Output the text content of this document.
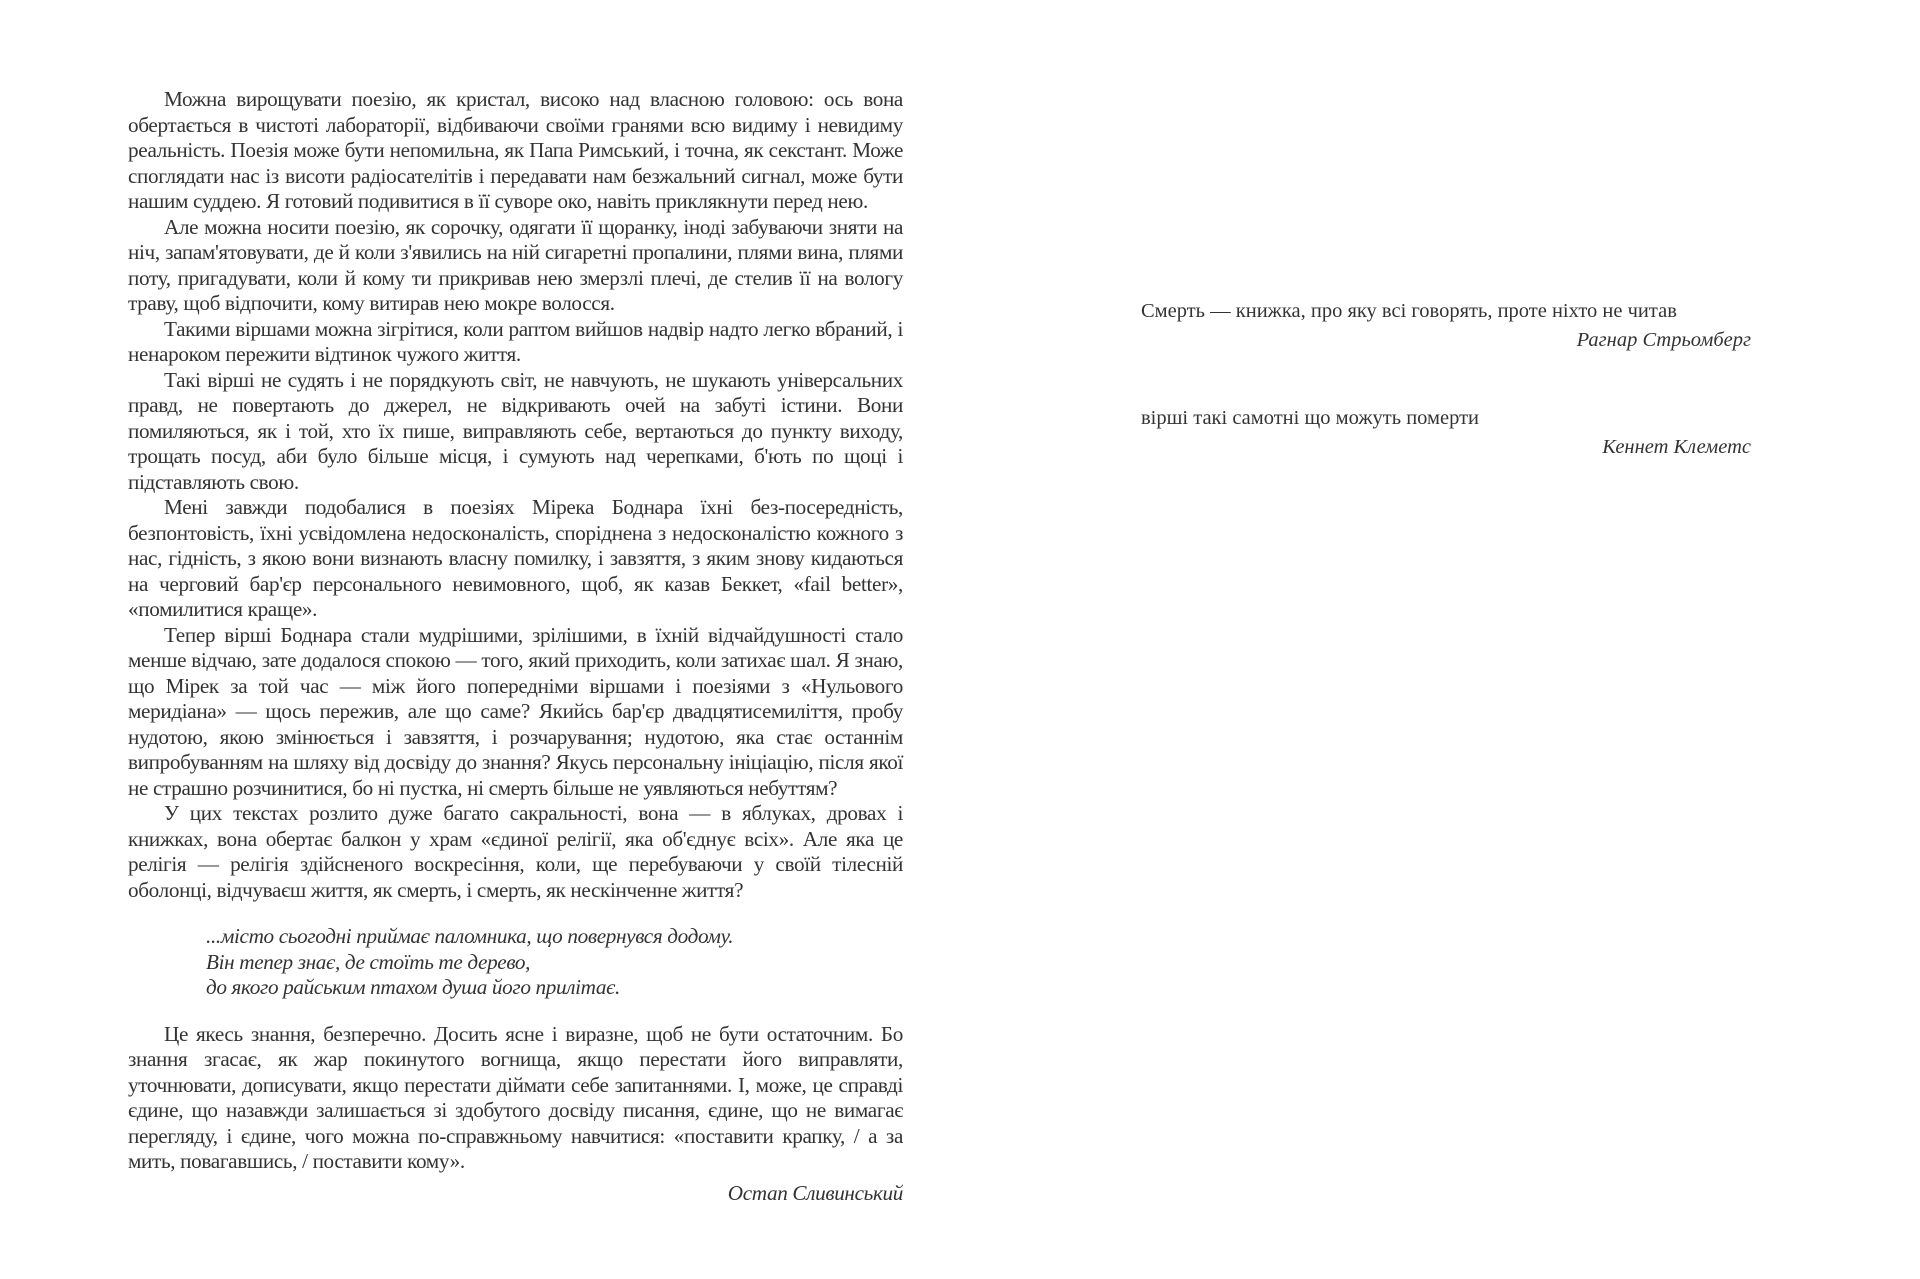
Можна вирощувати поезію, як кристал, високо над власною головою: ось вона обертається в чистоті лабораторії, відбиваючи своїми гранями всю видиму і невидиму реальність. Поезія може бути непомильна, як Папа Римський, і точна, як секстант. Може споглядати нас із висоти радіосателітів і передавати нам безжальний сигнал, може бути нашим суддею. Я готовий подивитися в її суворе око, навіть приклякнути перед нею.

Але можна носити поезію, як сорочку, одягати її щоранку, іноді забуваючи зняти на ніч, запам'ятовувати, де й коли з'явились на ній сигаретні пропалини, плями вина, плями поту, пригадувати, коли й кому ти прикривав нею змерзлі плечі, де стелив її на вологу траву, щоб відпочити, кому витирав нею мокре волосся.

Такими віршами можна зігрітися, коли раптом вийшов надвір надто легко вбраний, і ненароком пережити відтинок чужого життя.

Такі вірші не судять і не порядкують світ, не навчують, не шукають універсальних правд, не повертають до джерел, не відкривають очей на забуті істини. Вони помиляються, як і той, хто їх пише, виправляють себе, вертаються до пункту виходу, трощать посуд, аби було більше місця, і сумують над черепками, б'ють по щоці і підставляють свою.

Мені завжди подобалися в поезіях Мірека Боднара їхні без-посередність, безпонтовість, їхні усвідомлена недосконалість, споріднена з недосконалістю кожного з нас, гідність, з якою вони визнають власну помилку, і завзяття, з яким знову кидаються на черговий бар'єр персонального невимовного, щоб, як казав Беккет, «fail better», «помилитися краще».

Тепер вірші Боднара стали мудрішими, зрілішими, в їхній відчайдушності стало менше відчаю, зате додалося спокою — того, який приходить, коли затихає шал. Я знаю, що Мірек за той час — між його попередніми віршами і поезіями з «Нульового меридіана» — щось пережив, але що саме? Якийсь бар'єр двадцятисемиліття, пробу нудотою, якою змінюється і завзяття, і розчарування; нудотою, яка стає останнім випробуванням на шляху від досвіду до знання? Якусь персональну ініціацію, після якої не страшно розчинитися, бо ні пустка, ні смерть більше не уявляються небуттям?

У цих текстах розлито дуже багато сакральності, вона — в яблуках, дровах і книжках, вона обертає балкон у храм «єдиної релігії, яка об'єднує всіх». Але яка це релігія — релігія здійсненого воскресіння, коли, ще перебуваючи у своїй тілесній оболонці, відчуваєш життя, як смерть, і смерть, як нескінченне життя?

...місто сьогодні приймає паломника, що повернувся додому.
Він тепер знає, де стоїть те дерево,
до якого райським птахом душа його прилітає.

Це якесь знання, безперечно. Досить ясне і виразне, щоб не бути остаточним. Бо знання згасає, як жар покинутого вогнища, якщо перестати його виправляти, уточнювати, дописувати, якщо перестати діймати себе запитаннями. І, може, це справді єдине, що назавжди залишається зі здобутого досвіду писання, єдине, що не вимагає перегляду, і єдине, чого можна по-справжньому навчитися: «поставити крапку, / а за мить, повагавшись, / поставити кому».

Остап Сливинський
Смерть — книжка, про яку всі говорять, проте ніхто не читав
Рагнар Стрьомберг
вірші такі самотні що можуть померти
Кеннет Клеметс
